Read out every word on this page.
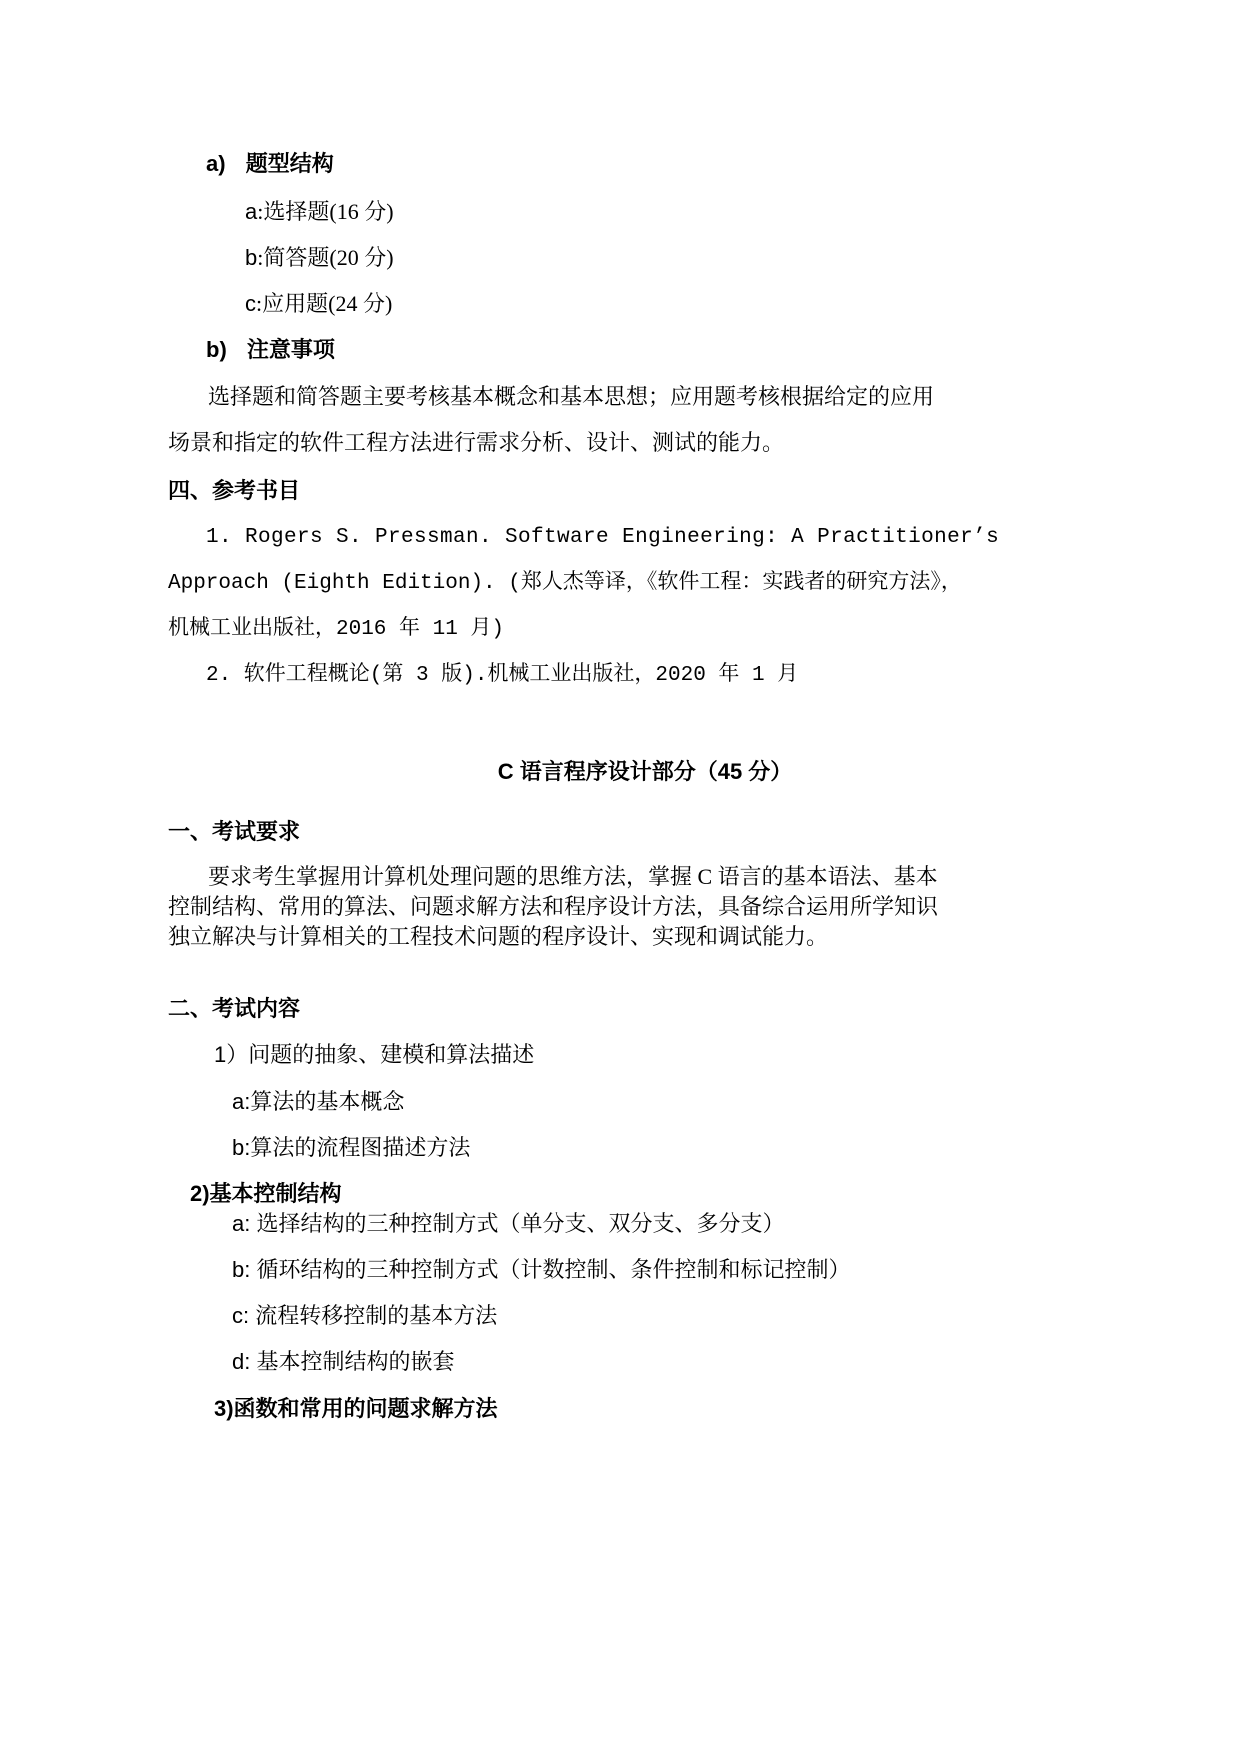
a) 题型结构
a:选择题(16 分)
b:简答题(20 分)
c:应用题(24 分)
b) 注意事项
选择题和简答题主要考核基本概念和基本思想；应用题考核根据给定的应用
场景和指定的软件工程方法进行需求分析、设计、测试的能力。
四、参考书目
1. Rogers S. Pressman. Software Engineering: A Practitioner’s
Approach (Eighth Edition). (郑人杰等译，《软件工程：实践者的研究方法》，
机械工业出版社，2016 年 11 月)
2. 软件工程概论(第 3 版).机械工业出版社，2020 年 1 月
C 语言程序设计部分（45 分）
一、考试要求
要求考生掌握用计算机处理问题的思维方法，掌握 C 语言的基本语法、基本
控制结构、常用的算法、问题求解方法和程序设计方法，具备综合运用所学知识
独立解决与计算相关的工程技术问题的程序设计、实现和调试能力。
二、考试内容
1）问题的抽象、建模和算法描述
a:算法的基本概念
b:算法的流程图描述方法
2)基本控制结构
a: 选择结构的三种控制方式（单分支、双分支、多分支）
b: 循环结构的三种控制方式（计数控制、条件控制和标记控制）
c: 流程转移控制的基本方法
d: 基本控制结构的嵌套
3)函数和常用的问题求解方法
